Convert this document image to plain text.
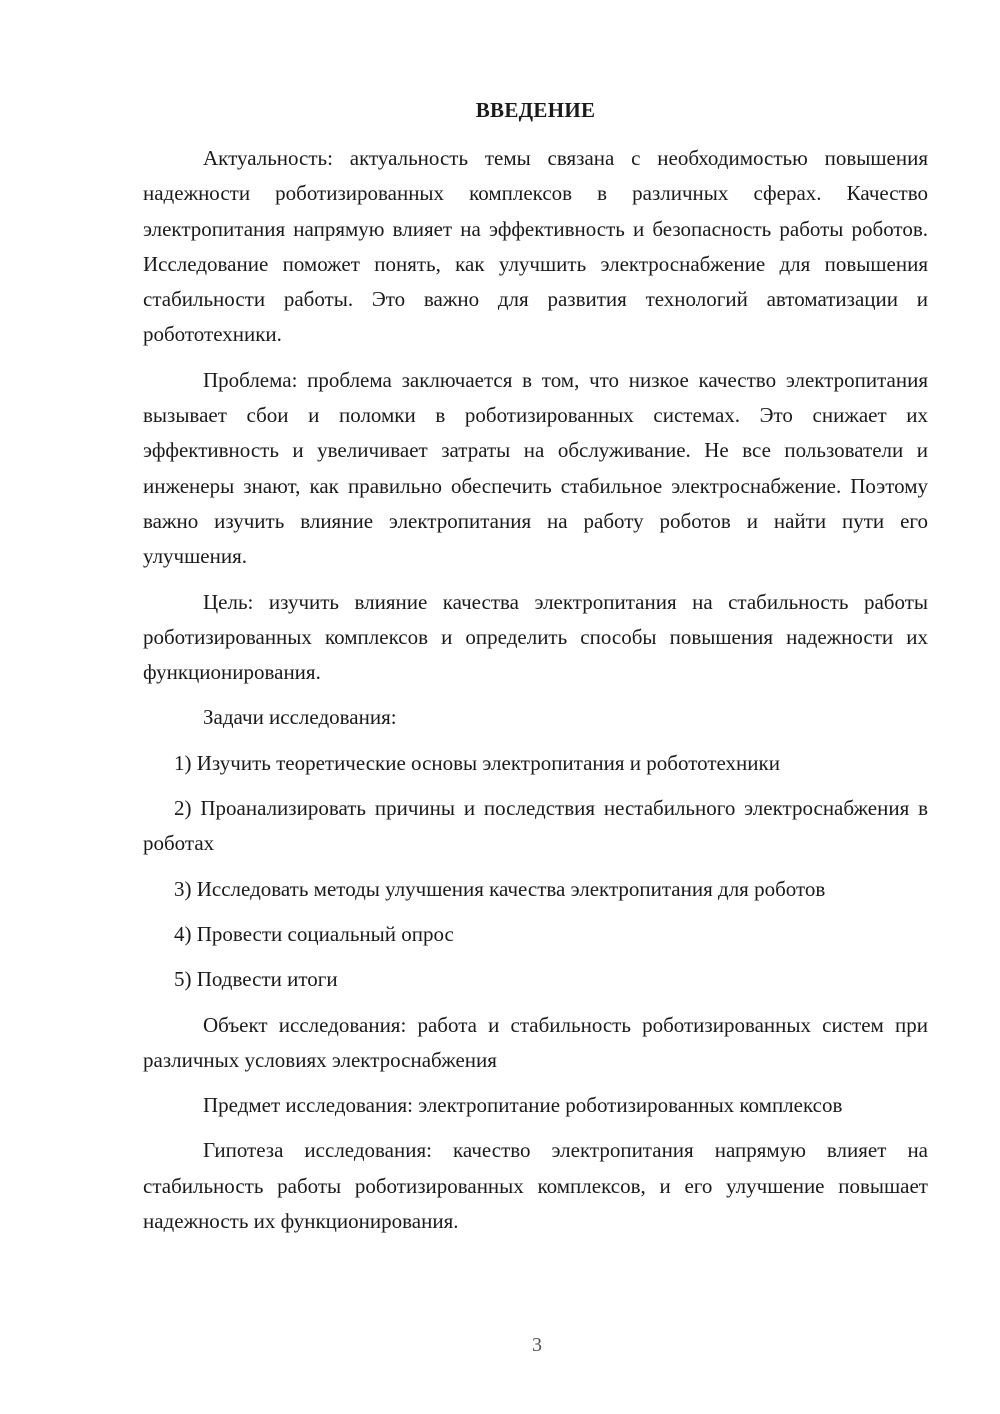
ВВЕДЕНИЕ

Актуальность: актуальность темы связана с необходимостью повышения надежности роботизированных комплексов в различных сферах. Качество электропитания напрямую влияет на эффективность и безопасность работы роботов. Исследование поможет понять, как улучшить электроснабжение для повышения стабильности работы. Это важно для развития технологий автоматизации и робототехники.

Проблема: проблема заключается в том, что низкое качество электропитания вызывает сбои и поломки в роботизированных системах. Это снижает их эффективность и увеличивает затраты на обслуживание. Не все пользователи и инженеры знают, как правильно обеспечить стабильное электроснабжение. Поэтому важно изучить влияние электропитания на работу роботов и найти пути его улучшения.

Цель: изучить влияние качества электропитания на стабильность работы роботизированных комплексов и определить способы повышения надежности их функционирования.

Задачи исследования:

1) Изучить теоретические основы электропитания и робототехники

2) Проанализировать причины и последствия нестабильного электроснабжения в роботах

3) Исследовать методы улучшения качества электропитания для роботов

4) Провести социальный опрос

5) Подвести итоги

Объект исследования: работа и стабильность роботизированных систем при различных условиях электроснабжения

Предмет исследования: электропитание роботизированных комплексов

Гипотеза исследования: качество электропитания напрямую влияет на стабильность работы роботизированных комплексов, и его улучшение повышает надежность их функционирования.

3
